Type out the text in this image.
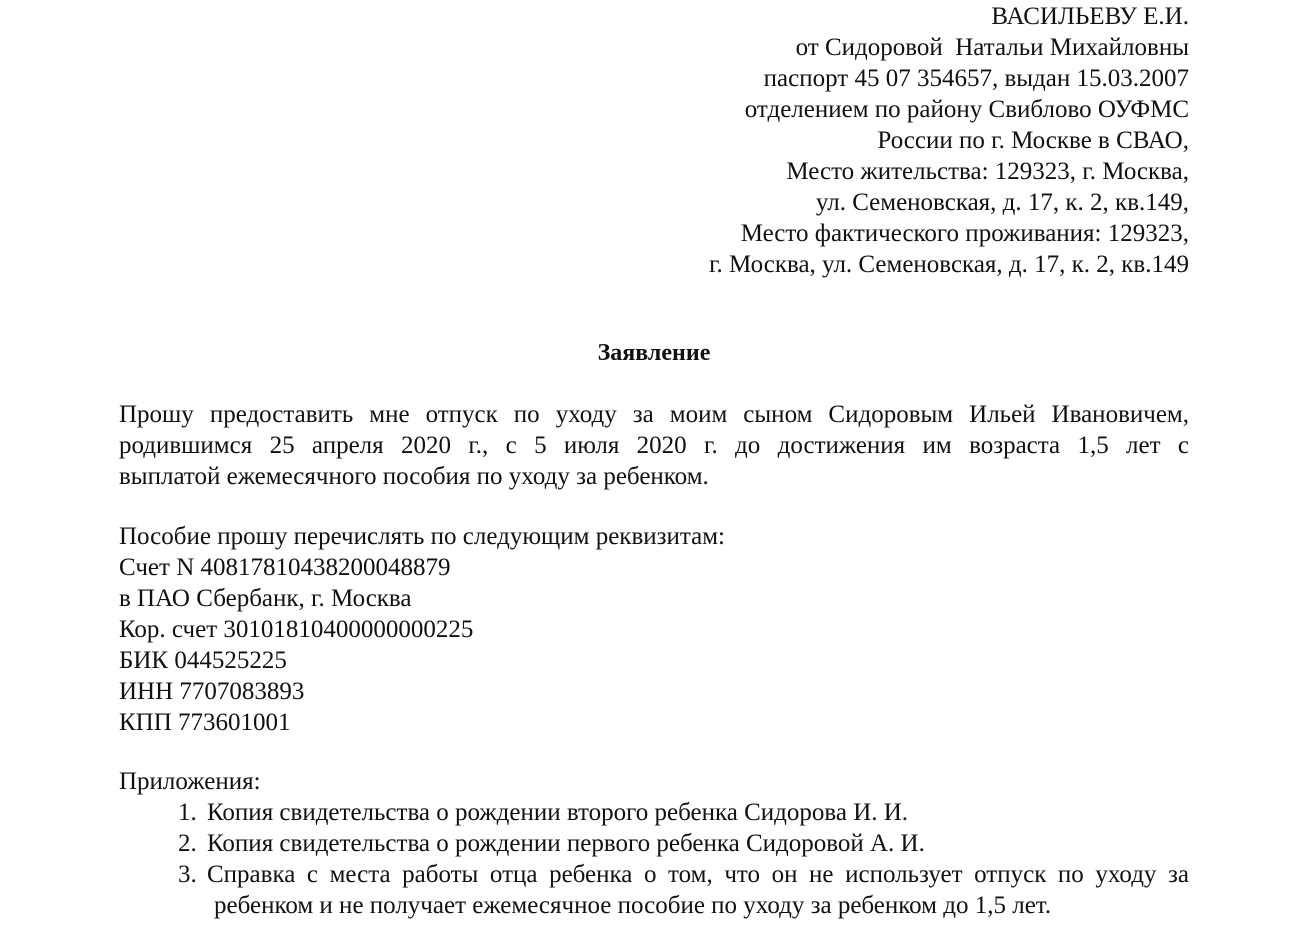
ВАСИЛЬЕВУ Е.И.
от Сидоровой  Натальи Михайловны
паспорт 45 07 354657, выдан 15.03.2007
отделением по району Свиблово ОУФМС
России по г. Москве в СВАО,
Место жительства: 129323, г. Москва,
ул. Семеновская, д. 17, к. 2, кв.149,
Место фактического проживания: 129323,
г. Москва, ул. Семеновская, д. 17, к. 2, кв.149
Заявление
Прошу предоставить мне отпуск по уходу за моим сыном Сидоровым Ильей Ивановичем,
родившимся 25 апреля 2020 г., с 5 июля 2020 г. до достижения им возраста 1,5 лет с
выплатой ежемесячного пособия по уходу за ребенком.
Пособие прошу перечислять по следующим реквизитам:
Счет N 40817810438200048879
в ПАО Сбербанк, г. Москва
Кор. счет 30101810400000000225
БИК 044525225
ИНН 7707083893
КПП 773601001
Приложения:
1. Копия свидетельства о рождении второго ребенка Сидорова И. И.
2. Копия свидетельства о рождении первого ребенка Сидоровой А. И.
3. Справка с места работы отца ребенка о том, что он не использует отпуск по уходу за
ребенком и не получает ежемесячное пособие по уходу за ребенком до 1,5 лет.
